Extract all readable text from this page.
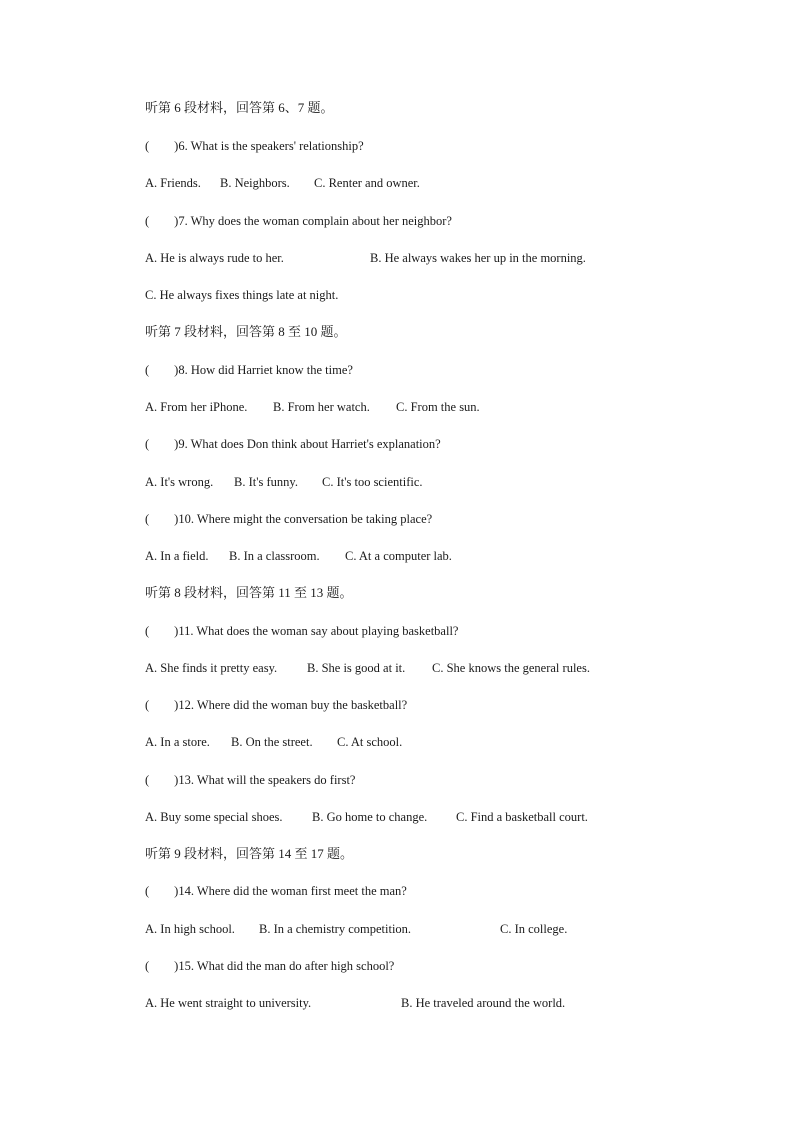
听第 6 段材料，回答第 6、7 题。
(        )6. What is the speakers' relationship?

A. Friends.

B. Neighbors.

C. Renter and owner.

(        )7. Why does the woman complain about her neighbor?

A. He is always rude to her.

	B. He always wakes her up in the morning.

C. He always fixes things late at night.
听第 7 段材料，回答第 8 至 10 题。
(        )8. How did Harriet know the time?

A. From her iPhone.

B. From her watch.

C. From the sun.

(        )9. What does Don think about Harriet's explanation?

A. It's wrong.

B. It's funny.

C. It's too scientific.

(        )10. Where might the conversation be taking place?

A. In a field.

B. In a classroom.

C. At a computer lab.

听第 8 段材料，回答第 11 至 13 题。
(        )11. What does the woman say about playing basketball?

A. She finds it pretty easy.

B. She is good at it.

C. She knows the general rules.

(        )12. Where did the woman buy the basketball?

A. In a store.

B. On the street.

C. At school.

(        )13. What will the speakers do first?

A. Buy some special shoes.

B. Go home to change.

C. Find a basketball court.

听第 9 段材料，回答第 14 至 17 题。
(        )14. Where did the woman first meet the man?

A. In high school.

B. In a chemistry competition.

	C. In college.

(        )15. What did the man do after high school?

A. He went straight to university.

	B. He traveled around the world.
